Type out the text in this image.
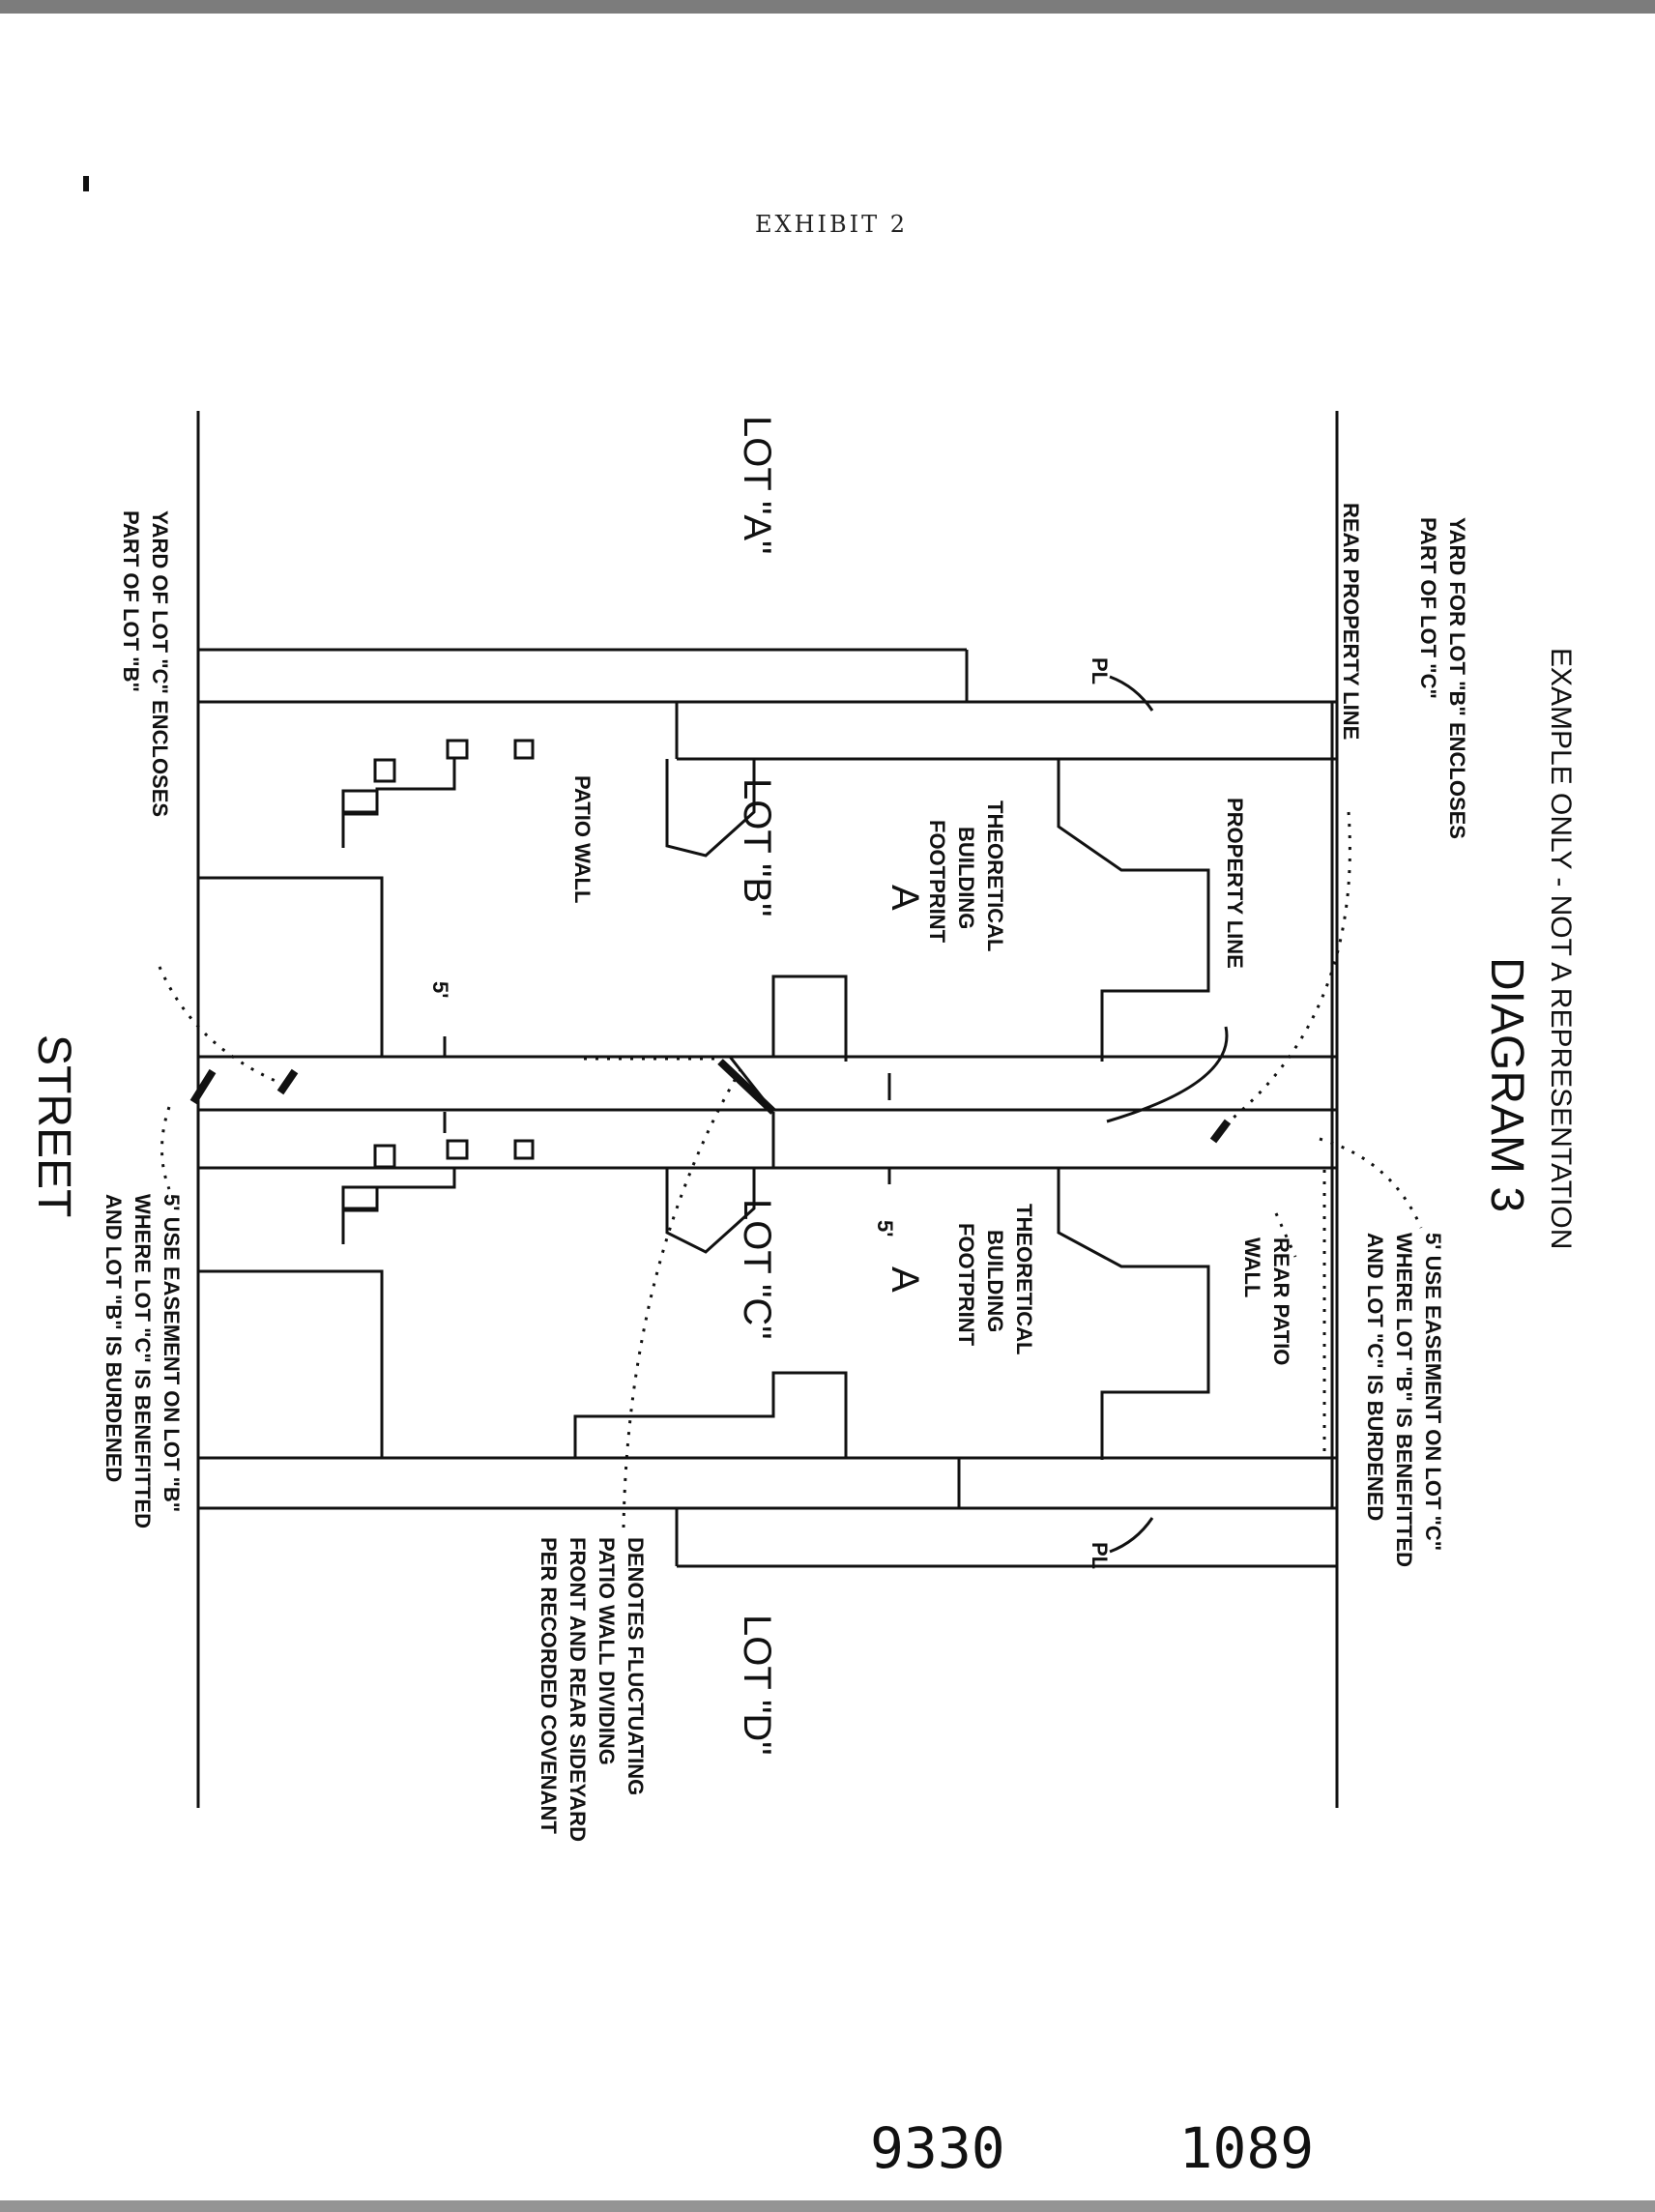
EXHIBIT 2
DIAGRAM 3 EXAMPLE ONLY - NOT A REPRESENTATION
STREET
REAR PROPERTY LINE
PROPERTY LINE
PATIO WALL
REAR PATIO
WALL
LOT "A"
LOT "B"
LOT "C"
LOT "D"
THEORETICAL
BUILDING
FOOTPRINT
A
THEORETICAL
BUILDING
FOOTPRINT
A
5'
5'
PL
PL
YARD FOR LOT "B" ENCLOSES
PART OF LOT "C"
YARD OF LOT "C" ENCLOSES
PART OF LOT "B"
5' USE EASEMENT ON LOT "C"
WHERE LOT "B" IS BENEFITTED
AND LOT "C" IS BURDENED
5' USE EASEMENT ON LOT "B"
WHERE LOT "C" IS BENEFITTED
AND LOT "B" IS BURDENED
DENOTES FLUCTUATING
PATIO WALL DIVIDING
FRONT AND REAR SIDEYARD
PER RECORDED COVENANT
9330	1089
